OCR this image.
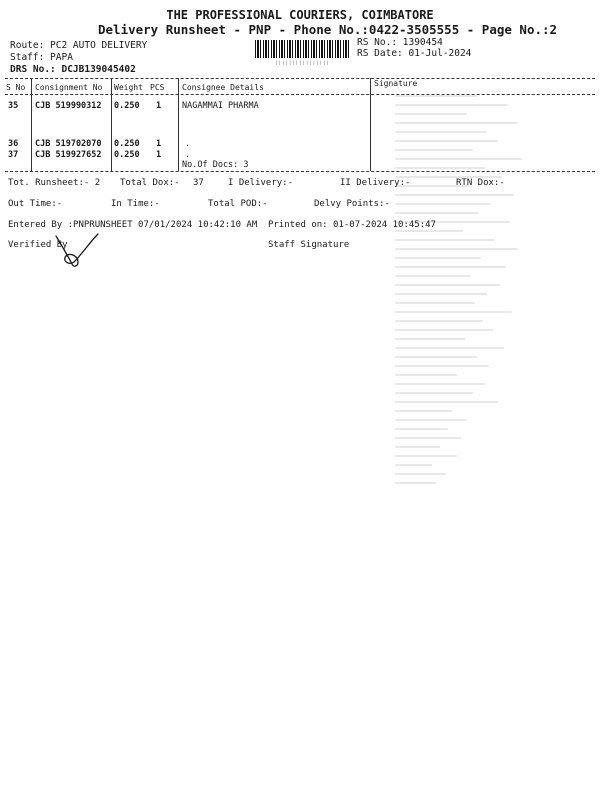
THE PROFESSIONAL COURIERS, COIMBATORE
Delivery Runsheet - PNP - Phone No.:0422-3505555 - Page No.:2
Route: PC2 AUTO DELIVERY
Staff: PAPA
DRS No.: DCJB139045402
||||||||||||||||
RS No.: 1390454
RS Date: 01-Jul-2024
S No Consignment No Weight PCS Consignee Details	Signature
35 CJB 519990312 0.250 1 NAGAMMAI PHARMA
36 CJB 519702070 0.250 1	.
37 CJB 519927652 0.250 1	.
No.Of Docs: 3
Tot. Runsheet:- 2 Total Dox:- 37	I Delivery:-	II Delivery:-	RTN Dox:-
Out Time:-	In Time:-	Total POD:-	Delvy Points:-
Entered By :PNPRUNSHEET 07/01/2024 10:42:10 AM Printed on: 01-07-2024 10:45:47
Verified By	Staff Signature
